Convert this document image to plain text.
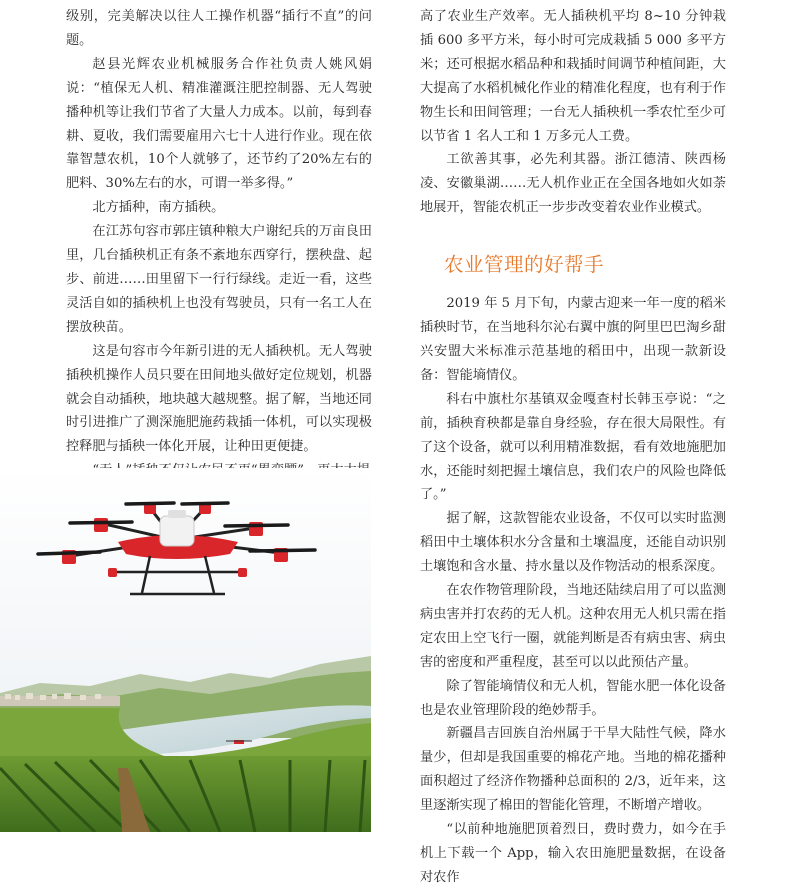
级别，完美解决以往人工操作机器“插行不直”的问题。

赵县光辉农业机械服务合作社负责人姚风娟说：“植保无人机、精准灌溉注肥控制器、无人驾驶播种机等让我们节省了大量人力成本。以前，每到春耕、夏收，我们需要雇用六七十人进行作业。现在依靠智慧农机，10个人就够了，还节约了20%左右的肥料、30%左右的水，可谓一举多得。”

北方插种，南方插秧。

在江苏句容市郭庄镇种粮大户谢纪兵的万亩良田里，几台插秧机正有条不紊地东西穿行，摆秧盘、起步、前进……田里留下一行行绿线。走近一看，这些灵活自如的插秧机上也没有驾驶员，只有一名工人在摆放秧苗。

这是句容市今年新引进的无人插秧机。无人驾驶插秧机操作人员只要在田间地头做好定位规划，机器就会自动插秧，地块越大越规整。据了解，当地还同时引进推广了测深施肥施药栽插一体机，可以实现极控释肥与插秧一体化开展，让种田更便捷。

高了农业生产效率。无人插秧机平均 8~10 分钟栽插 600 多平方米，每小时可完成栽插 5 000 多平方米；还可根据水稻品种和栽插时间调节种植间距，大大提高了水稻机械化作业的精准化程度，也有利于作物生长和田间管理；一台无人插秧机一季农忙至少可以节省 1 名人工和 1 万多元人工费。

工欲善其事，必先利其器。浙江德清、陕西杨凌、安徽巢湖……无人机作业正在全国各地如火如荼地展开，智能农机正一步步改变着农业作业模式。

农业管理的好帮手

2019 年 5 月下旬，内蒙古迎来一年一度的稻米插秧时节，在当地科尔沁右翼中旗的阿里巴巴淘乡甜兴安盟大米标准示范基地的稻田中，出现一款新设备：智能墒情仪。

科右中旗杜尔基镇双金嘎查村长韩玉亭说：“之前，插秧育秧都是靠自身经验，存在很大局限性。有了这个设备，就可以利用精准数据，看有效地施肥加水，还能时刻把握土壤信息，我们农户的风险也降低了。”

据了解，这款智能农业设备，不仅可以实时监测稻田中土壤体积水分含量和土壤温度，还能自动识别土壤饱和含水量、持水量以及作物活动的根系深度。

在农作物管理阶段，当地还陆续启用了可以监测病虫害并打农药的无人机。这种农用无人机只需在指定农田上空飞行一圈，就能判断是否有病虫害、病虫害的密度和严重程度，甚至可以以此预估产量。

除了智能墒情仪和无人机，智能水肥一体化设备也是农业管理阶段的绝妙帮手。

新疆昌吉回族自治州属于干旱大陆性气候，降水量少，但却是我国重要的棉花产地。当地的棉花播种面积超过了经济作物播种总面积的 2/3，近年来，这里逐渐实现了棉田的智能化管理，不断增产增收。

“以前种地施肥顶着烈日，费时费力，如今在手机上下载一个 App，输入农田施肥量数据，在设备对农作
